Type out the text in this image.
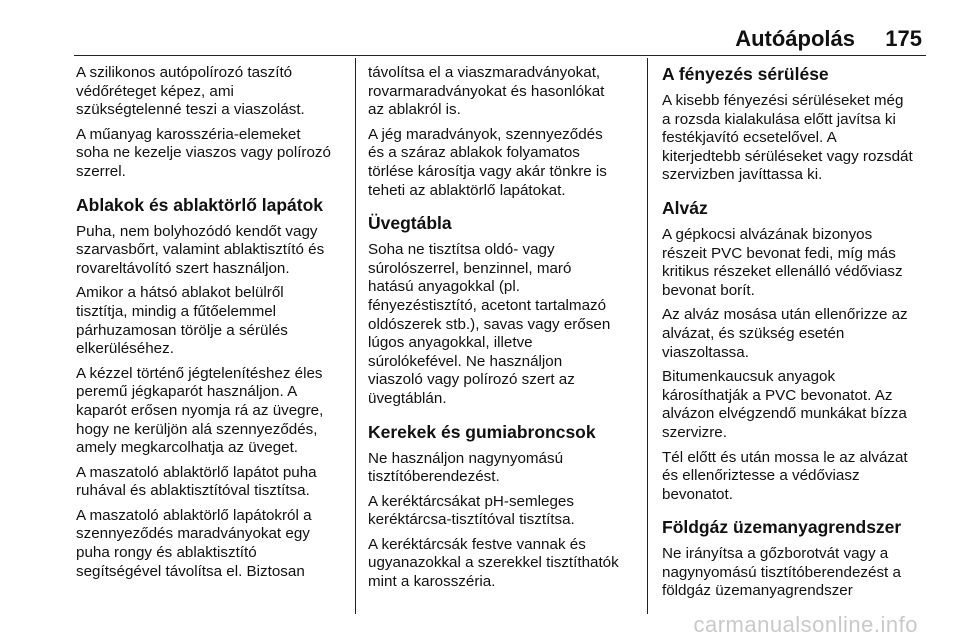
Autóápolás 175

A szilikonos autópolírozó taszító
védőréteget képez, ami
szükségtelenné teszi a viaszolást.

A műanyag karosszéria-elemeket
soha ne kezelje viaszos vagy polírozó
szerrel.

Ablakok és ablaktörlő lapátok

Puha, nem bolyhozódó kendőt vagy
szarvasbőrt, valamint ablaktisztító és
rovareltávolító szert használjon.

Amikor a hátsó ablakot belülről
tisztítja, mindig a fűtőelemmel
párhuzamosan törölje a sérülés
elkerüléséhez.

A kézzel történő jégtelenítéshez éles
peremű jégkaparót használjon. A
kaparót erősen nyomja rá az üvegre,
hogy ne kerüljön alá szennyeződés,
amely megkarcolhatja az üveget.

A maszatoló ablaktörlő lapátot puha
ruhával és ablaktisztítóval tisztítsa.

A maszatoló ablaktörlő lapátokról a
szennyeződés maradványokat egy
puha rongy és ablaktisztító
segítségével távolítsa el. Biztosan

távolítsa el a viaszmaradványokat,
rovarmaradványokat és hasonlókat
az ablakról is.

A jég maradványok, szennyeződés
és a száraz ablakok folyamatos
törlése károsítja vagy akár tönkre is
teheti az ablaktörlő lapátokat.

Üvegtábla

Soha ne tisztítsa oldó- vagy
súrolószerrel, benzinnel, maró
hatású anyagokkal (pl.
fényezéstisztító, acetont tartalmazó
oldószerek stb.), savas vagy erősen
lúgos anyagokkal, illetve
súrolókefével. Ne használjon
viaszoló vagy polírozó szert az
üvegtáblán.

Kerekek és gumiabroncsok

Ne használjon nagynyomású
tisztítóberendezést.

A keréktárcsákat pH-semleges
keréktárcsa-tisztítóval tisztítsa.

A keréktárcsák festve vannak és
ugyanazokkal a szerekkel tisztíthatók
mint a karosszéria.

A fényezés sérülése

A kisebb fényezési sérüléseket még
a rozsda kialakulása előtt javítsa ki
festékjavító ecsetelővel. A
kiterjedtebb sérüléseket vagy rozsdát
szervizben javíttassa ki.

Alváz

A gépkocsi alvázának bizonyos
részeit PVC bevonat fedi, míg más
kritikus részeket ellenálló védőviasz
bevonat borít.

Az alváz mosása után ellenőrizze az
alvázat, és szükség esetén
viaszoltassa.

Bitumenkaucsuk anyagok
károsíthatják a PVC bevonatot. Az
alvázon elvégzendő munkákat bízza
szervizre.

Tél előtt és után mossa le az alvázat
és ellenőriztesse a védőviasz
bevonatot.

Földgáz üzemanyagrendszer

Ne irányítsa a gőzborotvát vagy a
nagynyomású tisztítóberendezést a
földgáz üzemanyagrendszer

carmanualsonline.info
